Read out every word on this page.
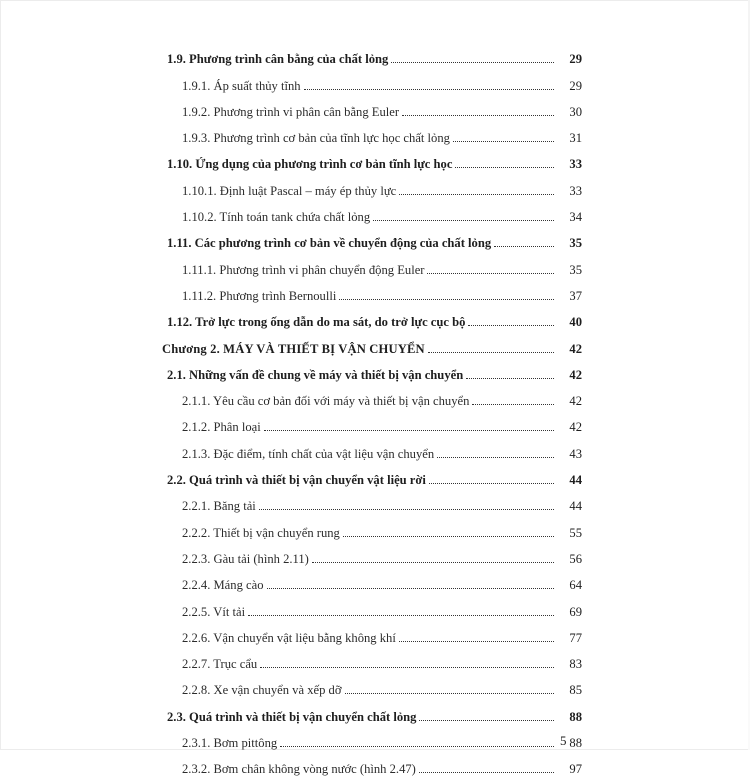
1.9. Phương trình cân bằng của chất lỏng	29
1.9.1. Áp suất thủy tĩnh	29
1.9.2. Phương trình vi phân cân bằng Euler	30
1.9.3. Phương trình cơ bản của tĩnh lực học chất lỏng	31
1.10. Ứng dụng của phương trình cơ bản tĩnh lực học	33
1.10.1. Định luật Pascal – máy ép thủy lực	33
1.10.2. Tính toán tank chứa chất lỏng	34
1.11. Các phương trình cơ bản về chuyển động của chất lỏng	35
1.11.1. Phương trình vi phân chuyển động Euler	35
1.11.2. Phương trình Bernoulli	37
1.12. Trở lực trong ống dẫn do ma sát, do trở lực cục bộ	40
Chương 2. MÁY VÀ THIẾT BỊ VẬN CHUYỂN	42
2.1. Những vấn đề chung về máy và thiết bị vận chuyển	42
2.1.1. Yêu cầu cơ bản đối với máy và thiết bị vận chuyển	42
2.1.2. Phân loại	42
2.1.3. Đặc điểm, tính chất của vật liệu vận chuyển	43
2.2. Quá trình và thiết bị vận chuyển vật liệu rời	44
2.2.1. Băng tải	44
2.2.2. Thiết bị vận chuyển rung	55
2.2.3. Gàu tải (hình 2.11)	56
2.2.4. Máng cào	64
2.2.5. Vít tải	69
2.2.6. Vận chuyển vật liệu bằng không khí	77
2.2.7. Trục cẩu	83
2.2.8. Xe vận chuyển và xếp dỡ	85
2.3. Quá trình và thiết bị vận chuyển chất lỏng	88
2.3.1. Bơm pittông	88
2.3.2. Bơm chân không vòng nước (hình 2.47)	97
5
